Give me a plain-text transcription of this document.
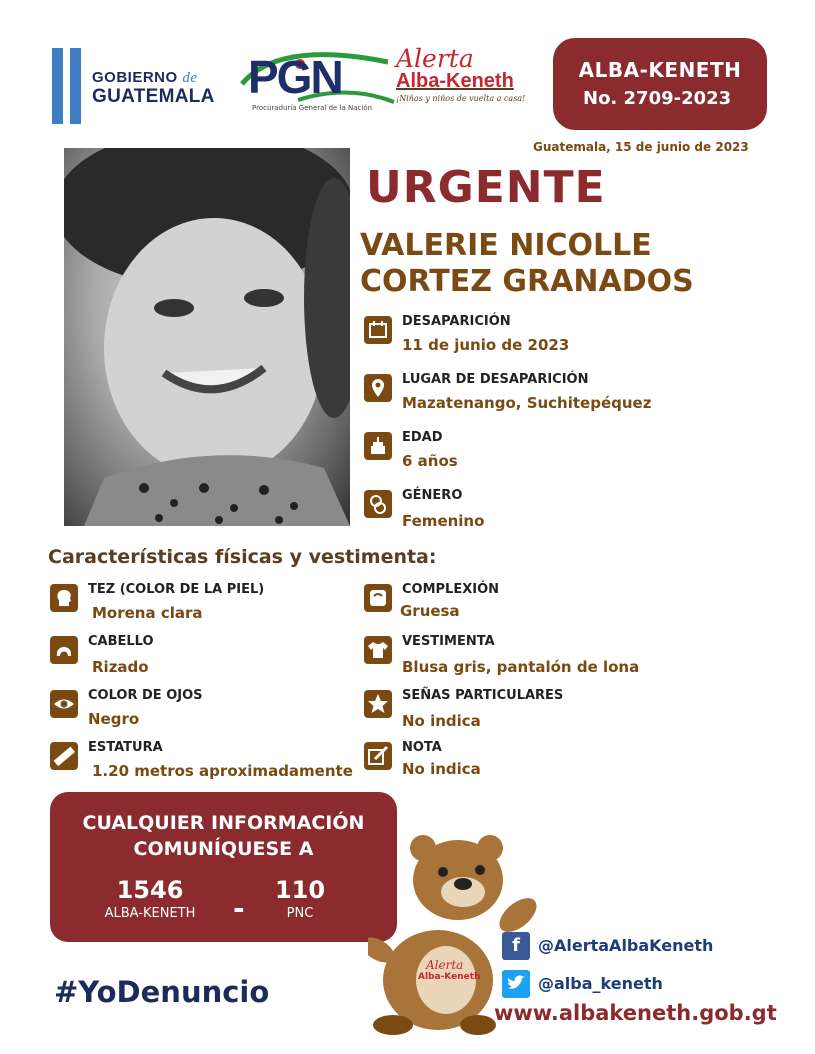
GOBIERNO de
GUATEMALA PGN
Procuraduría General de la Nación
Alerta
Alba-Keneth
¡Niñas y niños de vuelta a casa!
ALBA-KENETH
No. 2709-2023
Guatemala, 15 de junio de 2023
URGENTE
VALERIE NICOLLE
CORTEZ GRANADOS
DESAPARICIÓN
11 de junio de 2023
LUGAR DE DESAPARICIÓN
Mazatenango, Suchitepéquez
EDAD
6 años
GÉNERO
Femenino
Características físicas y vestimenta:
TEZ (COLOR DE LA PIEL)
Morena clara
CABELLO
Rizado
COLOR DE OJOS
Negro
ESTATURA
1.20 metros aproximadamente
COMPLEXIÓN
Gruesa
VESTIMENTA
Blusa gris, pantalón de lona
SEÑAS PARTICULARES
No indica
NOTA
No indica
CUALQUIER INFORMACIÓN
COMUNÍQUESE A
1546
ALBA-KENETH
110
PNC
-
#YoDenuncio
Alerta
Alba-Keneth
f	@AlertaAlbaKeneth
@alba_keneth
www.albakeneth.gob.gt
